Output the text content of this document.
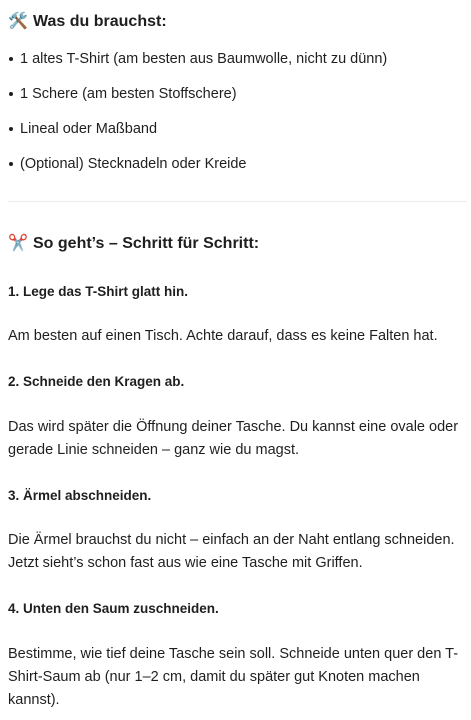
🛠️ Was du brauchst:
1 altes T-Shirt (am besten aus Baumwolle, nicht zu dünn)
1 Schere (am besten Stoffschere)
Lineal oder Maßband
(Optional) Stecknadeln oder Kreide
✂️ So geht’s – Schritt für Schritt:

1. Lege das T-Shirt glatt hin.

Am besten auf einen Tisch. Achte darauf, dass es keine Falten hat.

2. Schneide den Kragen ab.

Das wird später die Öffnung deiner Tasche. Du kannst eine ovale oder gerade Linie schneiden – ganz wie du magst.

3. Ärmel abschneiden.

Die Ärmel brauchst du nicht – einfach an der Naht entlang schneiden. Jetzt sieht’s schon fast aus wie eine Tasche mit Griffen.

4. Unten den Saum zuschneiden.

Bestimme, wie tief deine Tasche sein soll. Schneide unten quer den T-Shirt-Saum ab (nur 1–2 cm, damit du später gut Knoten machen kannst).
